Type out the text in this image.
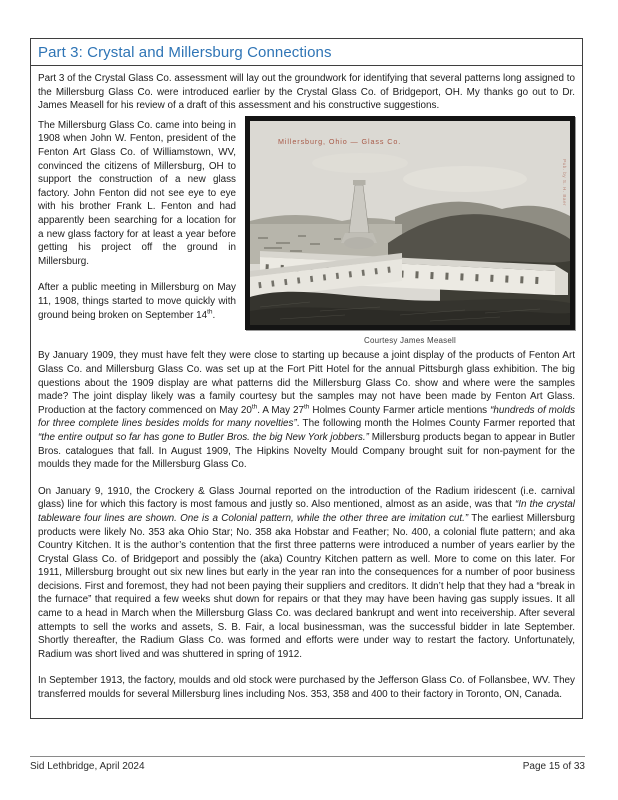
Part 3: Crystal and Millersburg Connections

Part 3 of the Crystal Glass Co. assessment will lay out the groundwork for identifying that several patterns long assigned to the Millersburg Glass Co. were introduced earlier by the Crystal Glass Co. of Bridgeport, OH. My thanks go out to Dr. James Measell for his review of a draft of this assessment and his constructive suggestions.

Millersburg, Ohio — Glass Co.
Pub. by S. H. Baer
Courtesy James Measell

The Millersburg Glass Co. came into being in 1908 when John W. Fenton, president of the Fenton Art Glass Co. of Williamstown, WV, convinced the citizens of Millersburg, OH to support the construction of a new glass factory. John Fenton did not see eye to eye with his brother Frank L. Fenton and had apparently been searching for a location for a new glass factory for at least a year before getting his project off the ground in Millersburg.

After a public meeting in Millersburg on May 11, 1908, things started to move quickly with ground being broken on September 14th.

By January 1909, they must have felt they were close to starting up because a joint display of the products of Fenton Art Glass Co. and Millersburg Glass Co. was set up at the Fort Pitt Hotel for the annual Pittsburgh glass exhibition. The big questions about the 1909 display are what patterns did the Millersburg Glass Co. show and where were the samples made? The joint display likely was a family courtesy but the samples may not have been made by Fenton Art Glass. Production at the factory commenced on May 20th. A May 27th Holmes County Farmer article mentions “hundreds of molds for three complete lines besides molds for many novelties”. The following month the Holmes County Farmer reported that “the entire output so far has gone to Butler Bros. the big New York jobbers.” Millersburg products began to appear in Butler Bros. catalogues that fall. In August 1909, The Hipkins Novelty Mould Company brought suit for non-payment for the moulds they made for the Millersburg Glass Co.

On January 9, 1910, the Crockery & Glass Journal reported on the introduction of the Radium iridescent (i.e. carnival glass) line for which this factory is most famous and justly so. Also mentioned, almost as an aside, was that “In the crystal tableware four lines are shown. One is a Colonial pattern, while the other three are imitation cut.” The earliest Millersburg products were likely No. 353 aka Ohio Star; No. 358 aka Hobstar and Feather; No. 400, a colonial flute pattern; and aka Country Kitchen. It is the author’s contention that the first three patterns were introduced a number of years earlier by the Crystal Glass Co. of Bridgeport and possibly the (aka) Country Kitchen pattern as well. More to come on this later. For 1911, Millersburg brought out six new lines but early in the year ran into the consequences for a number of poor business decisions. First and foremost, they had not been paying their suppliers and creditors. It didn’t help that they had a “break in the furnace” that required a few weeks shut down for repairs or that they may have been having gas supply issues. It all came to a head in March when the Millersburg Glass Co. was declared bankrupt and went into receivership. After several attempts to sell the works and assets, S. B. Fair, a local businessman, was the successful bidder in late September. Shortly thereafter, the Radium Glass Co. was formed and efforts were under way to restart the factory. Unfortunately, Radium was short lived and was shuttered in spring of 1912.

In September 1913, the factory, moulds and old stock were purchased by the Jefferson Glass Co. of Follansbee, WV. They transferred moulds for several Millersburg lines including Nos. 353, 358 and 400 to their factory in Toronto, ON, Canada.

Sid Lethbridge, April 2024	Page 15 of 33
